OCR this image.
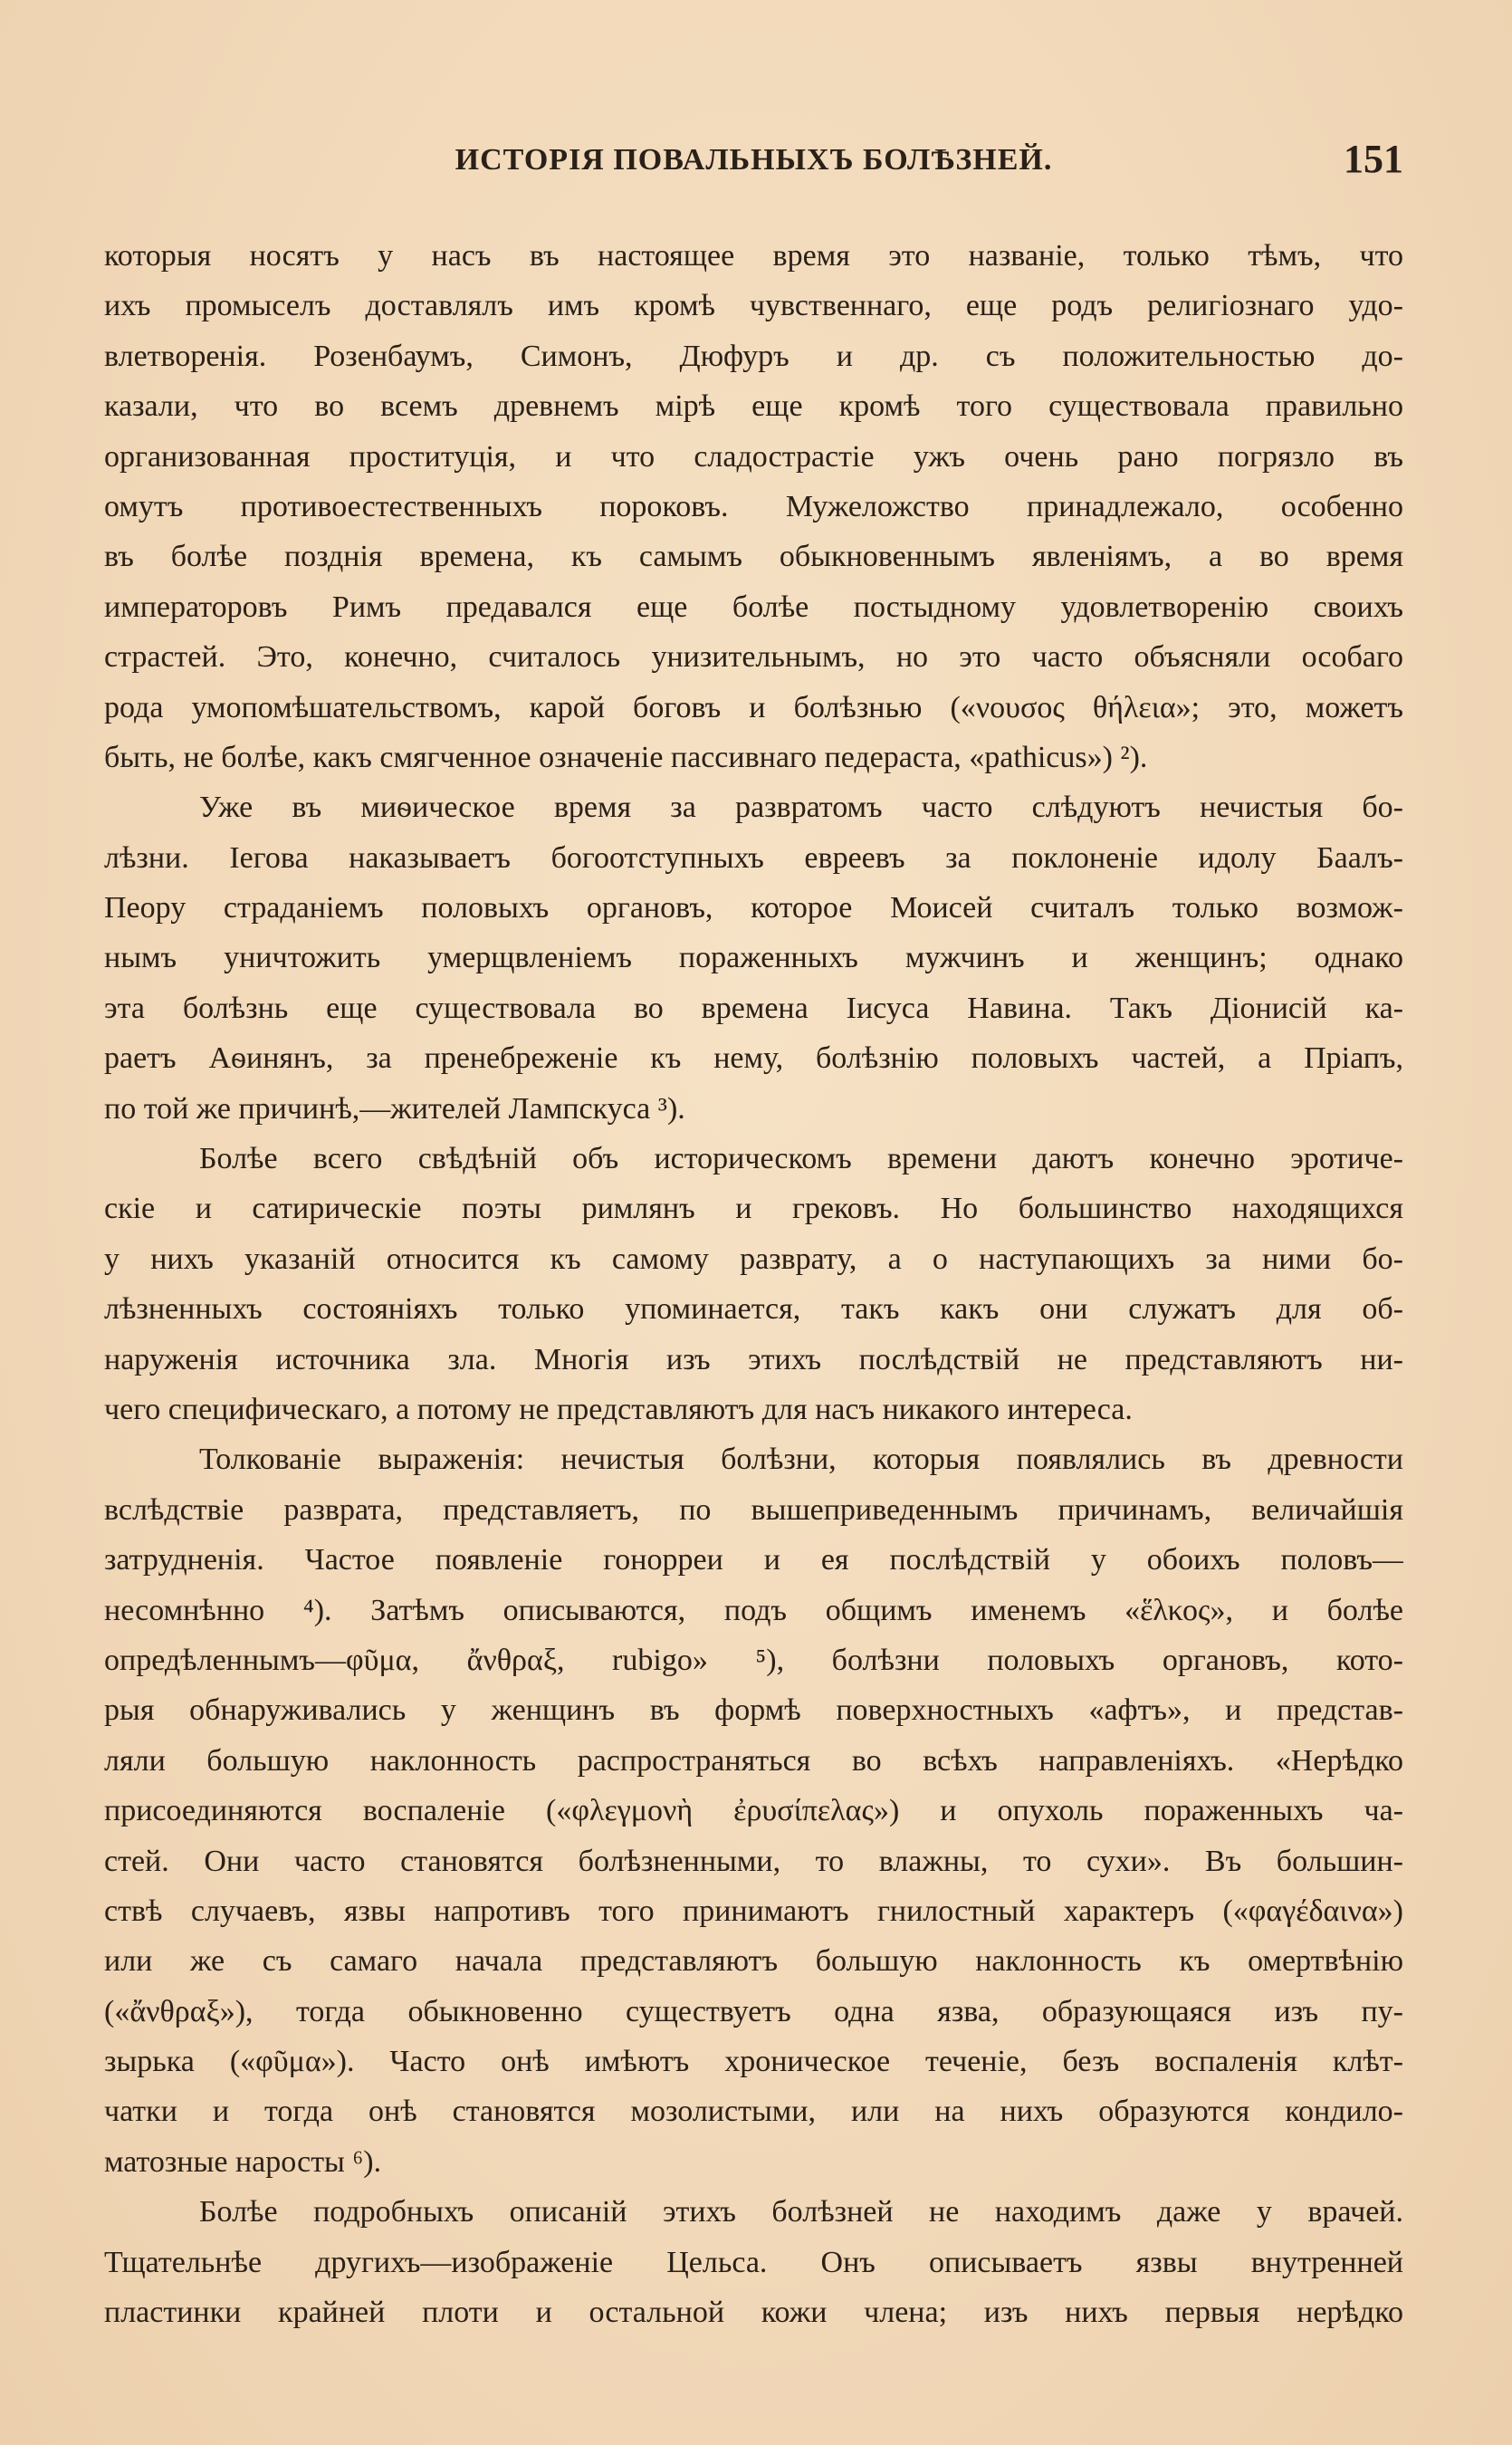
ИСТОРІЯ ПОВАЛЬНЫХЪ БОЛѢЗНЕЙ.	151
которыя носятъ у насъ въ настоящее время это названіе, только тѣмъ, что
ихъ промыселъ доставлялъ имъ кромѣ чувственнаго, еще родъ религіознаго удо-
влетворенія. Розенбаумъ, Симонъ, Дюфуръ и др. съ положительностью до-
казали, что во всемъ древнемъ мірѣ еще кромѣ того существовала правильно
организованная проституція, и что сладострастіе ужъ очень рано погрязло въ
омутъ противоестественныхъ пороковъ. Мужеложство принадлежало, особенно
въ болѣе позднія времена, къ самымъ обыкновеннымъ явленіямъ, а во время
императоровъ Римъ предавался еще болѣе постыдному удовлетворенію своихъ
страстей. Это, конечно, считалось унизительнымъ, но это часто объясняли особаго
рода умопомѣшательствомъ, карой боговъ и болѣзнью («νουσος θήλεια»; это, можетъ
быть, не болѣе, какъ смягченное означеніе пассивнаго педераста, «pathicus») ²).
Уже въ миѳическое время за развратомъ часто слѣдуютъ нечистыя бо-
лѣзни. Іегова наказываетъ богоотступныхъ евреевъ за поклоненіе идолу Баалъ-
Пеору страданіемъ половыхъ органовъ, которое Моисей считалъ только возмож-
нымъ уничтожить умерщвленіемъ пораженныхъ мужчинъ и женщинъ; однако
эта болѣзнь еще существовала во времена Іисуса Навина. Такъ Діонисій ка-
раетъ Аѳинянъ, за пренебреженіе къ нему, болѣзнію половыхъ частей, а Пріапъ,
по той же причинѣ,—жителей Лампскуса ³).
Болѣе всего свѣдѣній объ историческомъ времени даютъ конечно эротиче-
скіе и сатирическіе поэты римлянъ и грековъ. Но большинство находящихся
у нихъ указаній относится къ самому разврату, а о наступающихъ за ними бо-
лѣзненныхъ состояніяхъ только упоминается, такъ какъ они служатъ для об-
наруженія источника зла. Многія изъ этихъ послѣдствій не представляютъ ни-
чего специфическаго, а потому не представляютъ для насъ никакого интереса.
Толкованіе выраженія: нечистыя болѣзни, которыя появлялись въ древности
вслѣдствіе разврата, представляетъ, по вышеприведеннымъ причинамъ, величайшія
затрудненія. Частое появленіе гонорреи и ея послѣдствій у обоихъ половъ—
несомнѣнно ⁴). Затѣмъ описываются, подъ общимъ именемъ «ἕλκος», и болѣе
опредѣленнымъ—φῦμα, ἄνθραξ, rubigo» ⁵), болѣзни половыхъ органовъ, кото-
рыя обнаруживались у женщинъ въ формѣ поверхностныхъ «афтъ», и представ-
ляли большую наклонность распространяться во всѣхъ направленіяхъ. «Нерѣдко
присоединяются воспаленіе («φλεγμονὴ ἐρυσίπελας») и опухоль пораженныхъ ча-
стей. Они часто становятся болѣзненными, то влажны, то сухи». Въ большин-
ствѣ случаевъ, язвы напротивъ того принимаютъ гнилостный характеръ («φαγέδαινα»)
или же съ самаго начала представляютъ большую наклонность къ омертвѣнію
(«ἄνθραξ»), тогда обыкновенно существуетъ одна язва, образующаяся изъ пу-
зырька («φῦμα»). Часто онѣ имѣютъ хроническое теченіе, безъ воспаленія клѣт-
чатки и тогда онѣ становятся мозолистыми, или на нихъ образуются кондило-
матозные наросты ⁶).
Болѣе подробныхъ описаній этихъ болѣзней не находимъ даже у врачей.
Тщательнѣе другихъ—изображеніе Цельса. Онъ описываетъ язвы внутренней
пластинки крайней плоти и остальной кожи члена; изъ нихъ первыя нерѣдко
